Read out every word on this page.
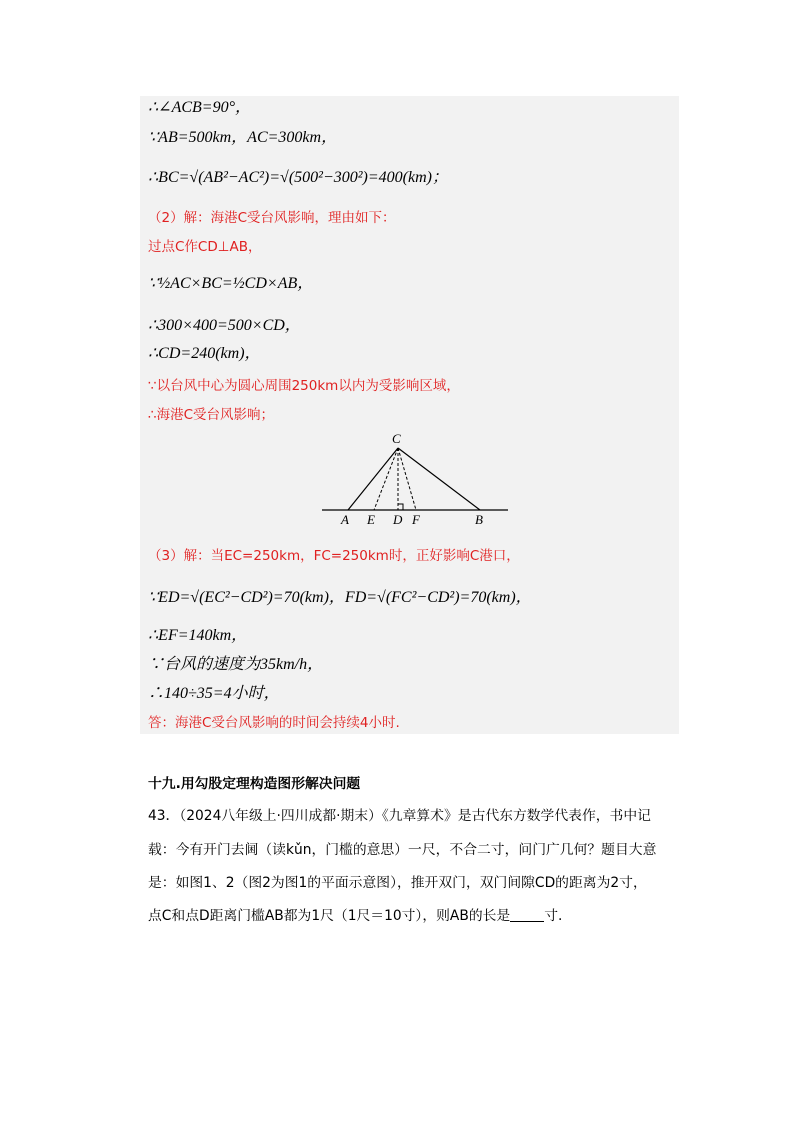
∴∠ACB=90°，
∵AB=500km，AC=300km，
∴BC=√(AB²−AC²)=√(500²−300²)=400(km)；
（2）解：海港C受台风影响，理由如下：
过点C作CD⊥AB，
∵½AC×BC=½CD×AB，
∴300×400=500×CD，
∴CD=240(km)，
∵以台风中心为圆心周围250km以内为受影响区域，
∴海港C受台风影响；
C
A E D F	B
（3）解：当EC=250km，FC=250km时，正好影响C港口，
∵ED=√(EC²−CD²)=70(km)，FD=√(FC²−CD²)=70(km)，
∴EF=140km，
∵台风的速度为35km/h，
∴140÷35=4小时，
答：海港C受台风影响的时间会持续4小时.
十九.用勾股定理构造图形解决问题
43．（2024八年级上·四川成都·期末）《九章算术》是古代东方数学代表作，书中记
载：今有开门去阃（读kǔn，门槛的意思）一尺，不合二寸，问门广几何？题目大意
是：如图1、2（图2为图1的平面示意图），推开双门，双门间隙CD的距离为2寸，
点C和点D距离门槛AB都为1尺（1尺＝10寸），则AB的长是 寸.
